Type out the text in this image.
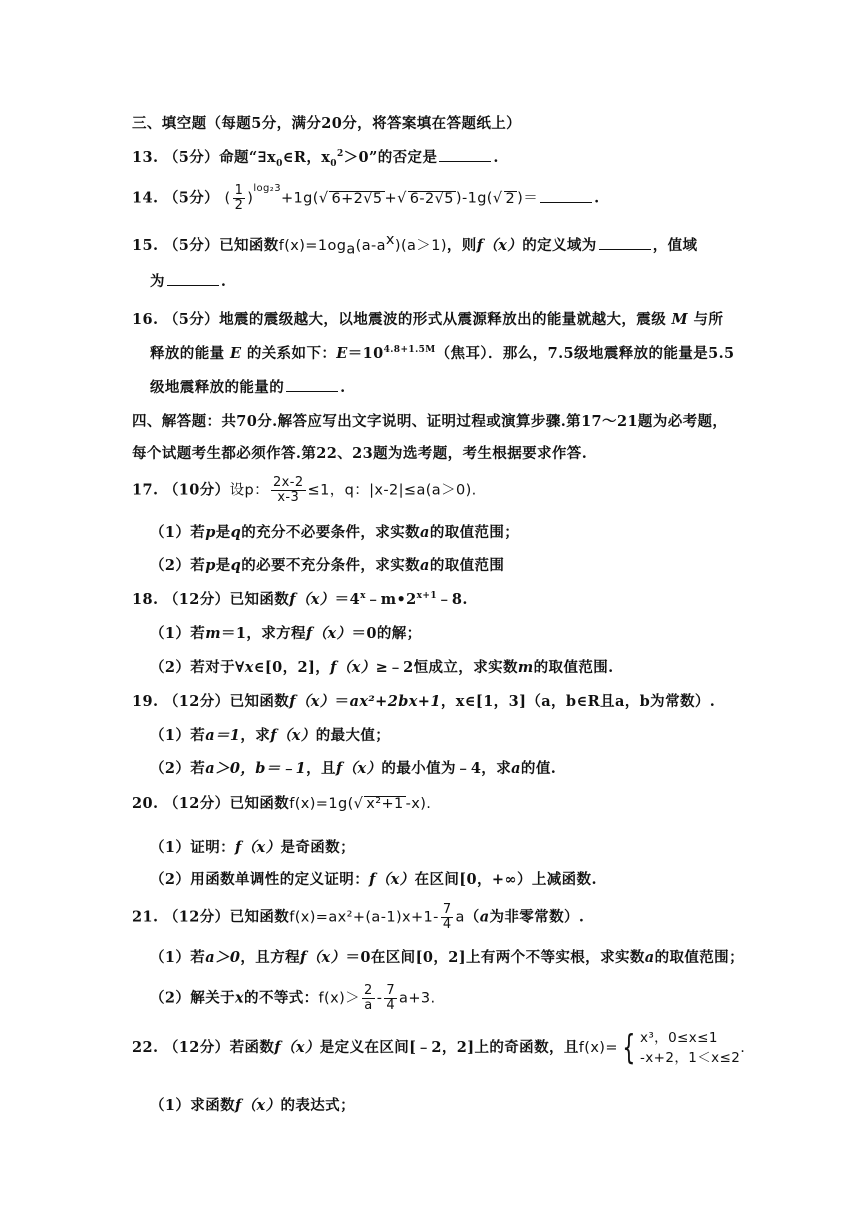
三、填空题（每题5分，满分20分，将答案填在答题纸上）
13. （5分）命题“$\exists x_0\in R$，$x_0^2>0$”的否定是	.
14. （5分） ( $\frac{1}{2} )^{log_23}+1g(√$ 6+2√5 +√ 6-2√5 )-1g(√ 2 )＝	.
15. （5分）已知函数$f(x)=1og_a(a-a^x)(a>1)$，则f（x）的定义域为	，值域
为	.
16. （5分）地震的震级越大，以地震波的形式从震源释放出的能量就越大，震级 M 与所
释放的能量 E 的关系如下：$E=10^{4.8+1.5M}$（焦耳）．那么，7.5级地震释放的能量是5.5
级地震释放的能量的	.
四、解答题：共70分.解答应写出文字说明、证明过程或演算步骤.第17～21题为必考题，
每个试题考生都必须作答.第22、23题为选考题，考生根据要求作答.
17. （10分）设p： $\frac{2x-2}{x-3} \le 1$，q：|x-2|≤a(a＞0).
（1）若p是q的充分不必要条件，求实数a的取值范围；
（2）若p是q的必要不充分条件，求实数a的取值范围
18. （12分）已知函数$f(x)=4^x﹣m•2^{x+1}﹣8$.
（1）若m＝1，求方程f（x）＝0的解；
（2）若对于∀x∈[0，2]，f（x）≥﹣2恒成立，求实数m的取值范围.
19. （12分）已知函数f（x）＝ax²+2bx+1，x∈[1，3]（a，b∈R且a，b为常数）.
（1）若a＝1，求f（x）的最大值；
（2）若a＞0，b＝﹣1，且f（x）的最小值为﹣4，求a的值.
20. （12分）已知函数f(x)=1g(√ x²+1 -x).
（1）证明：f（x）是奇函数；
（2）用函数单调性的定义证明：f（x）在区间[0，+∞）上减函数.
21. （12分）已知函数$f(x)=ax^2+(a-1)x+1- \frac{7}{4} a(a$为非零常数）.
（1）若a＞0，且方程f（x）＝0在区间[0，2]上有两个不等实根，求实数a的取值范围；
（2）解关于x的不等式：$f(x)> \frac{2}{a} - \frac{7}{4} a+3$.
22. （12分）若函数f（x）是定义在区间[﹣2，2]上的奇函数，且f(x)= { x³，0≤x≤1
-x+2，1＜x≤2
.
（1）求函数f（x）的表达式；
